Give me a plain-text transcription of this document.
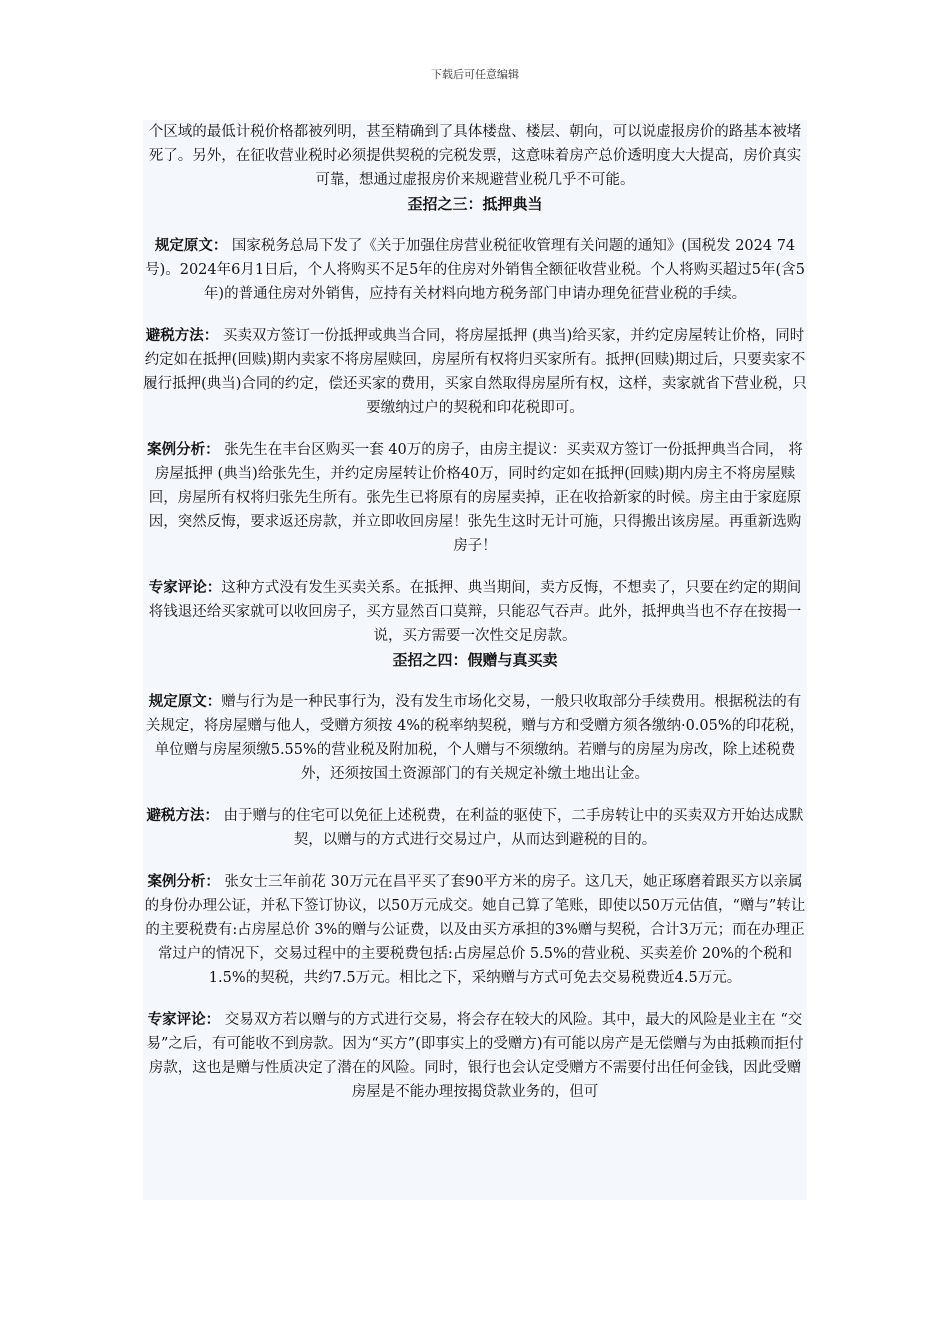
下载后可任意编辑

个区域的最低计税价格都被列明，甚至精确到了具体楼盘、楼层、朝向，可以说虚报房价的路基本被堵死了。另外，在征收营业税时必须提供契税的完税发票，这意味着房产总价透明度大大提高，房价真实可靠，想通过虚报房价来规避营业税几乎不可能。

歪招之三：抵押典当

规定原文： 国家税务总局下发了《关于加强住房营业税征收管理有关问题的通知》(国税发 2024 74号)。2024年6月1日后，个人将购买不足5年的住房对外销售全额征收营业税。个人将购买超过5年(含5年)的普通住房对外销售，应持有关材料向地方税务部门申请办理免征营业税的手续。

避税方法： 买卖双方签订一份抵押或典当合同，将房屋抵押 (典当)给买家，并约定房屋转让价格，同时约定如在抵押(回赎)期内卖家不将房屋赎回，房屋所有权将归买家所有。抵押(回赎)期过后，只要卖家不履行抵押(典当)合同的约定，偿还买家的费用，买家自然取得房屋所有权，这样，卖家就省下营业税，只要缴纳过户的契税和印花税即可。

案例分析： 张先生在丰台区购买一套 40万的房子，由房主提议：买卖双方签订一份抵押典当合同， 将房屋抵押 (典当)给张先生，并约定房屋转让价格40万，同时约定如在抵押(回赎)期内房主不将房屋赎回，房屋所有权将归张先生所有。张先生已将原有的房屋卖掉，正在收拾新家的时候。房主由于家庭原因，突然反悔，要求返还房款，并立即收回房屋！张先生这时无计可施，只得搬出该房屋。再重新选购房子！

专家评论：这种方式没有发生买卖关系。在抵押、典当期间，卖方反悔，不想卖了，只要在约定的期间将钱退还给买家就可以收回房子，买方显然百口莫辩，只能忍气吞声。此外，抵押典当也不存在按揭一说，买方需要一次性交足房款。

歪招之四：假赠与真买卖

规定原文：赠与行为是一种民事行为，没有发生市场化交易，一般只收取部分手续费用。根据税法的有关规定，将房屋赠与他人，受赠方须按 4%的税率纳契税，赠与方和受赠方须各缴纳·0.05%的印花税，单位赠与房屋须缴5.55%的营业税及附加税，个人赠与不须缴纳。若赠与的房屋为房改，除上述税费外，还须按国土资源部门的有关规定补缴土地出让金。

避税方法： 由于赠与的住宅可以免征上述税费，在利益的驱使下，二手房转让中的买卖双方开始达成默契，以赠与的方式进行交易过户，从而达到避税的目的。

案例分析： 张女士三年前花 30万元在昌平买了套90平方米的房子。这几天，她正琢磨着跟买方以亲属的身份办理公证，并私下签订协议，以50万元成交。她自己算了笔账，即使以50万元估值，“赠与”转让的主要税费有:占房屋总价 3%的赠与公证费，以及由买方承担的3%赠与契税，合计3万元；而在办理正常过户的情况下，交易过程中的主要税费包括:占房屋总价 5.5%的营业税、买卖差价 20%的个税和 1.5%的契税，共约7.5万元。相比之下，采纳赠与方式可免去交易税费近4.5万元。

专家评论： 交易双方若以赠与的方式进行交易，将会存在较大的风险。其中，最大的风险是业主在 “交易”之后，有可能收不到房款。因为“买方”(即事实上的受赠方)有可能以房产是无偿赠与为由抵赖而拒付房款，这也是赠与性质决定了潜在的风险。同时，银行也会认定受赠方不需要付出任何金钱，因此受赠房屋是不能办理按揭贷款业务的，但可
